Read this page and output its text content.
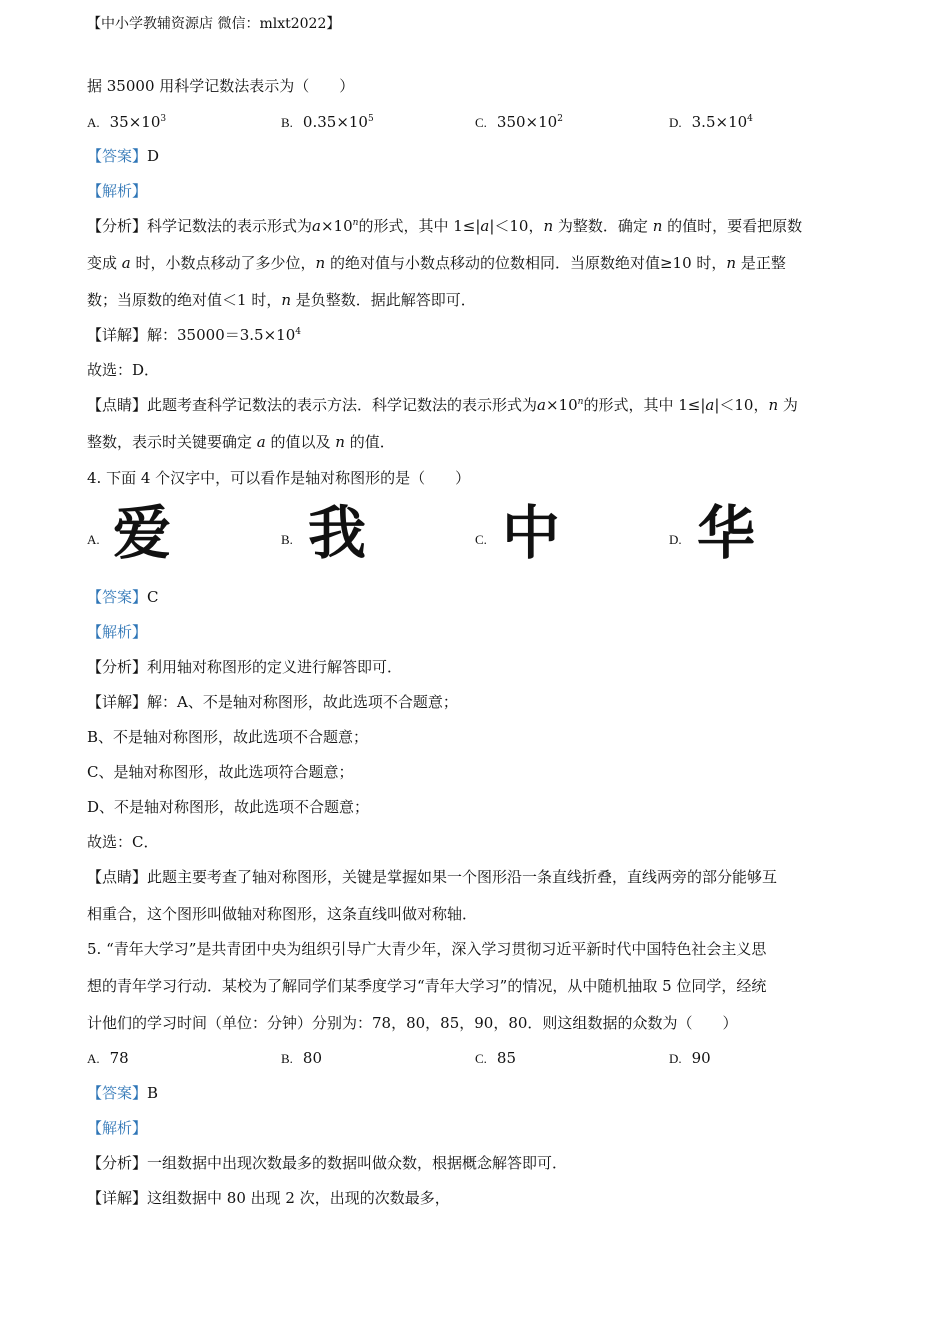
【中小学教辅资源店 微信：mlxt2022】
据 35000 用科学记数法表示为（　　）
A. $35\times 10^3$	B. $0.35\times 10^5$	C. $350\times 10^2$	D. $3.5\times 10^4$
【答案】D
【解析】
【分析】科学记数法的表示形式为$a\times 10^n$的形式，其中 1≤|a|＜10，n 为整数．确定 n 的值时，要看把原数
变成 a 时，小数点移动了多少位，n 的绝对值与小数点移动的位数相同．当原数绝对值≥10 时，n 是正整
数；当原数的绝对值＜1 时，n 是负整数．据此解答即可．
【详解】解：$35000=3.5\times 10^4$
故选：D．
【点睛】此题考查科学记数法的表示方法．科学记数法的表示形式为$a\times 10^n$的形式，其中 1≤|a|＜10，n 为
整数，表示时关键要确定 a 的值以及 n 的值．
4. 下面 4 个汉字中，可以看作是轴对称图形的是（　　）
A. 爱	B. 我	C. 中	D. 华
【答案】C
【解析】
【分析】利用轴对称图形的定义进行解答即可．
【详解】解：A、不是轴对称图形，故此选项不合题意；
B、不是轴对称图形，故此选项不合题意；
C、是轴对称图形，故此选项符合题意；
D、不是轴对称图形，故此选项不合题意；
故选：C．
【点睛】此题主要考查了轴对称图形，关键是掌握如果一个图形沿一条直线折叠，直线两旁的部分能够互
相重合，这个图形叫做轴对称图形，这条直线叫做对称轴．
5. “青年大学习”是共青团中央为组织引导广大青少年，深入学习贯彻习近平新时代中国特色社会主义思
想的青年学习行动．某校为了解同学们某季度学习“青年大学习”的情况，从中随机抽取 5 位同学，经统
计他们的学习时间（单位：分钟）分别为：78，80，85，90，80．则这组数据的众数为（　　）
A. 78	B. 80	C. 85	D. 90
【答案】B
【解析】
【分析】一组数据中出现次数最多的数据叫做众数，根据概念解答即可．
【详解】这组数据中 80 出现 2 次，出现的次数最多，
